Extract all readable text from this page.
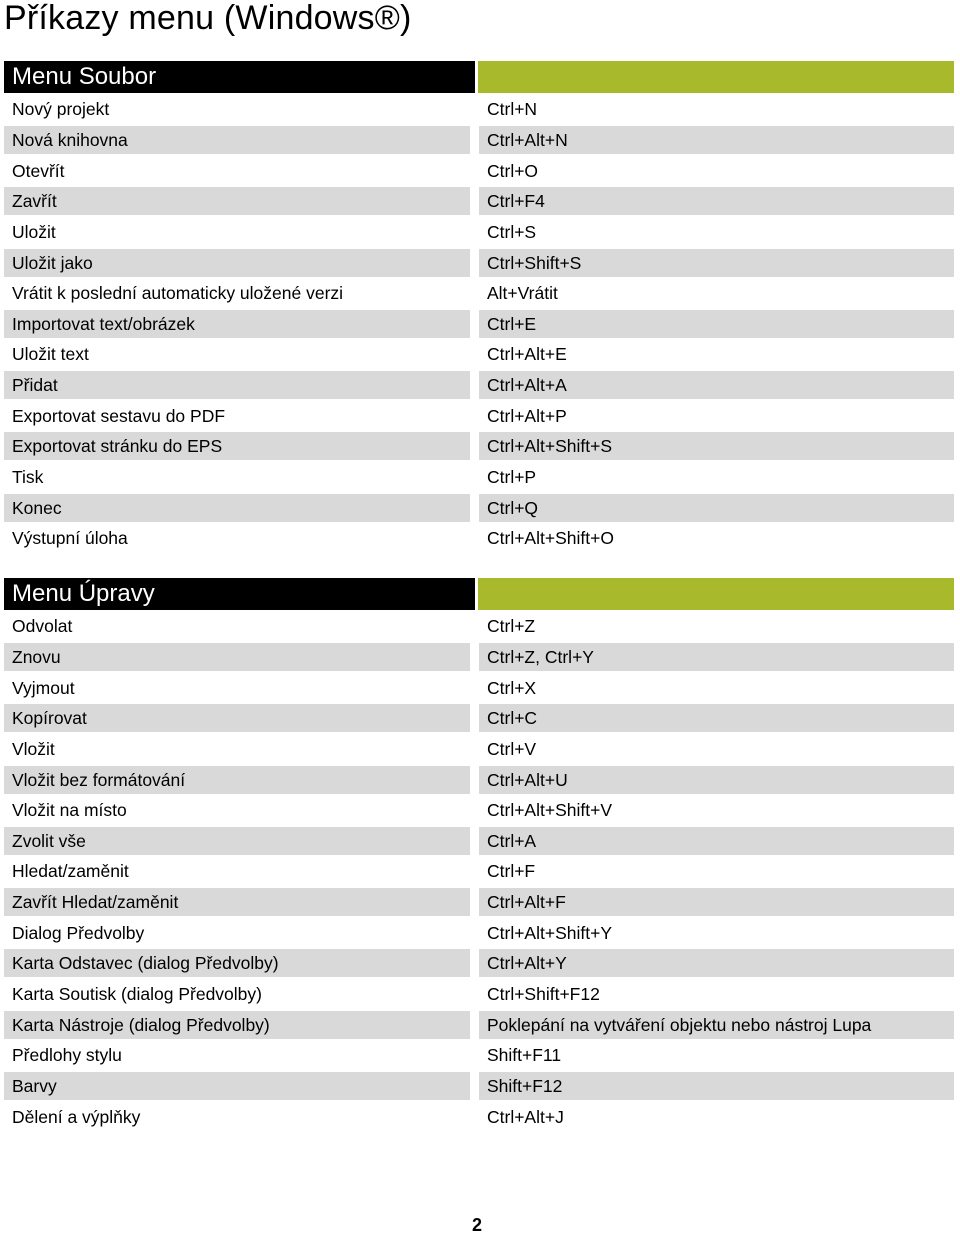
Příkazy menu (Windows®)
Menu Soubor
Nový projekt	Ctrl+N
Nová knihovna	Ctrl+Alt+N
Otevřít	Ctrl+O
Zavřít	Ctrl+F4
Uložit	Ctrl+S
Uložit jako	Ctrl+Shift+S
Vrátit k poslední automaticky uložené verzi	Alt+Vrátit
Importovat text/obrázek	Ctrl+E
Uložit text	Ctrl+Alt+E
Přidat	Ctrl+Alt+A
Exportovat sestavu do PDF	Ctrl+Alt+P
Exportovat stránku do EPS	Ctrl+Alt+Shift+S
Tisk	Ctrl+P
Konec	Ctrl+Q
Výstupní úloha	Ctrl+Alt+Shift+O
Menu Úpravy
Odvolat	Ctrl+Z
Znovu	Ctrl+Z, Ctrl+Y
Vyjmout	Ctrl+X
Kopírovat	Ctrl+C
Vložit	Ctrl+V
Vložit bez formátování	Ctrl+Alt+U
Vložit na místo	Ctrl+Alt+Shift+V
Zvolit vše	Ctrl+A
Hledat/zaměnit	Ctrl+F
Zavřít Hledat/zaměnit	Ctrl+Alt+F
Dialog Předvolby	Ctrl+Alt+Shift+Y
Karta Odstavec (dialog Předvolby)	Ctrl+Alt+Y
Karta Soutisk (dialog Předvolby)	Ctrl+Shift+F12
Karta Nástroje (dialog Předvolby)	Poklepání na vytváření objektu nebo nástroj Lupa
Předlohy stylu	Shift+F11
Barvy	Shift+F12
Dělení a výplňky	Ctrl+Alt+J
2
